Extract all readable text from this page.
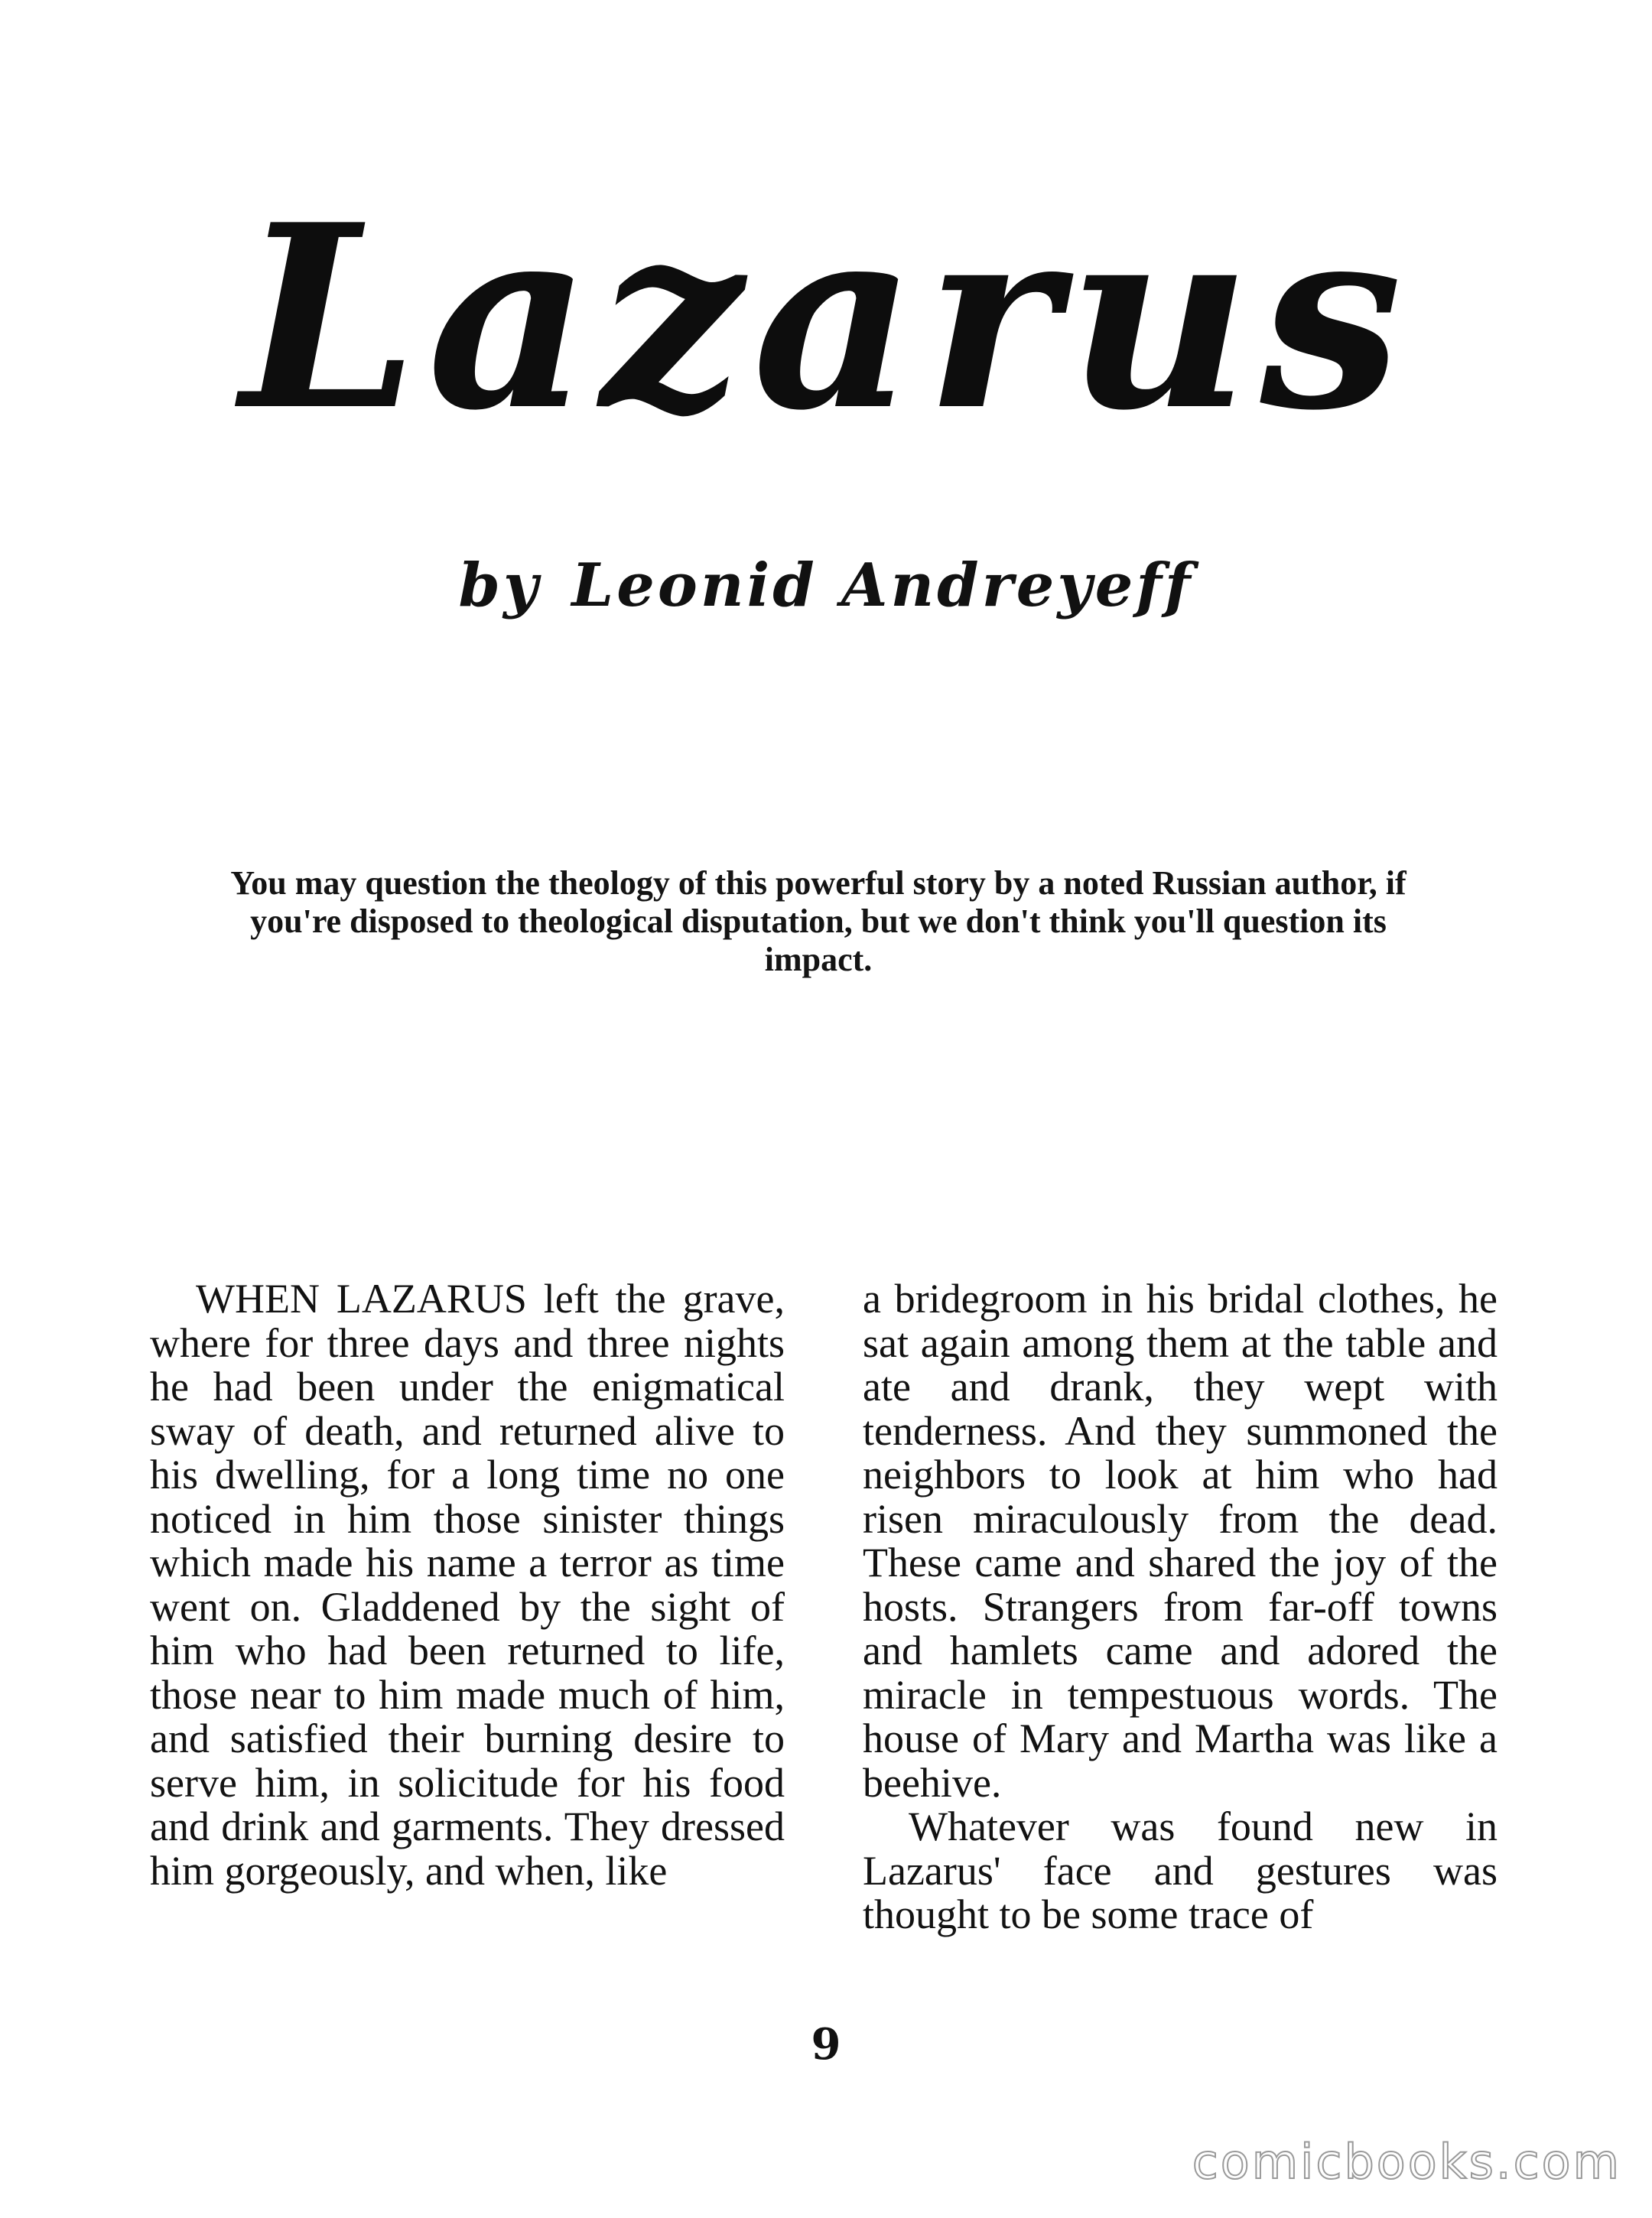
Lazarus
by Leonid Andreyeff
You may question the theology of this powerful story by a noted Russian author, if you're disposed to theological disputation, but we don't think you'll question its impact.

WHEN LAZARUS left the grave, where for three days and three nights he had been under the enigmatical sway of death, and returned alive to his dwelling, for a long time no one noticed in him those sinister things which made his name a terror as time went on. Gladdened by the sight of him who had been returned to life, those near to him made much of him, and satisfied their burning desire to serve him, in solicitude for his food and drink and garments. They dressed him gorgeously, and when, like

a bridegroom in his bridal clothes, he sat again among them at the table and ate and drank, they wept with tenderness. And they summoned the neighbors to look at him who had risen miraculously from the dead. These came and shared the joy of the hosts. Strangers from far-off towns and hamlets came and adored the miracle in tempestuous words. The house of Mary and Martha was like a beehive.

Whatever was found new in Lazarus' face and gestures was thought to be some trace of

9
comicbooks.com
